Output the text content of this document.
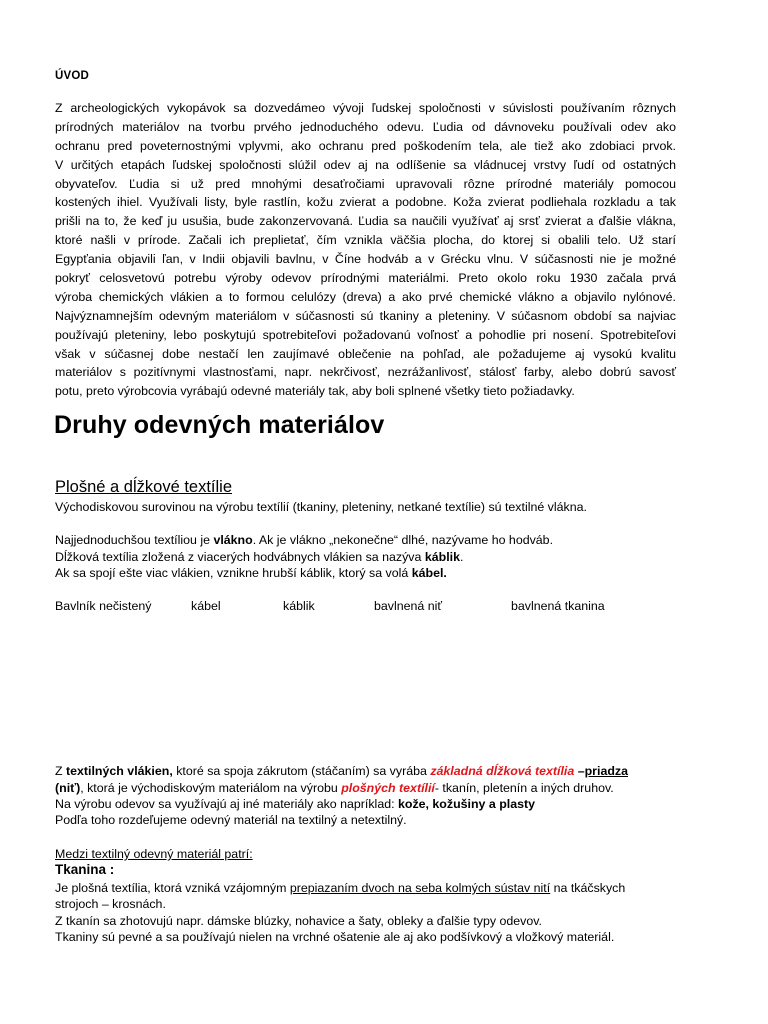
ÚVOD
Z archeologických vykopávok sa dozvedámeo vývoji ľudskej spoločnosti v súvislosti používaním rôznych
prírodných materiálov na tvorbu prvého jednoduchého odevu. Ľudia od dávnoveku používali odev ako
ochranu pred poveternostnými vplyvmi, ako ochranu pred poškodením tela, ale tiež ako zdobiaci prvok.
V určitých etapách ľudskej spoločnosti slúžil odev aj na odlíšenie sa vládnucej vrstvy ľudí od ostatných
obyvateľov. Ľudia si už pred mnohými desaťročiami upravovali rôzne prírodné materiály pomocou
kostených ihiel. Využívali listy, byle rastlín, kožu zvierat a podobne. Koža zvierat podliehala rozkladu a tak
prišli na to, že keď ju usušia, bude zakonzervovaná. Ľudia sa naučili využívať aj srsť zvierat a ďalšie vlákna,
ktoré našli v prírode. Začali ich preplietať, čím vznikla väčšia plocha, do ktorej si obalili telo. Už starí
Egypťania objavili ľan, v Indii objavili bavlnu, v Číne hodváb a v Grécku vlnu. V súčasnosti nie je možné
pokryť celosvetovú potrebu výroby odevov prírodnými materiálmi. Preto okolo roku 1930 začala prvá
výroba chemických vlákien a to formou celulózy (dreva) a ako prvé chemické vlákno a objavilo nylónové.
Najvýznamnejším odevným materiálom v súčasnosti sú tkaniny a pleteniny. V súčasnom období sa najviac
používajú pleteniny, lebo poskytujú spotrebiteľovi požadovanú voľnosť a pohodlie pri nosení. Spotrebiteľovi
však v súčasnej dobe nestačí len zaujímavé oblečenie na pohľad, ale požadujeme aj vysokú kvalitu
materiálov s pozitívnymi vlastnosťami, napr. nekrčivosť, nezrážanlivosť, stálosť farby, alebo dobrú savosť
potu, preto výrobcovia vyrábajú odevné materiály tak, aby boli splnené všetky tieto požiadavky.
Druhy odevných materiálov
Plošné a dĺžkové textílie
Východiskovou surovinou na výrobu textílií (tkaniny, pleteniny, netkané textílie) sú textilné vlákna.
Najjednoduchšou textíliou je vlákno. Ak je vlákno „nekonečne“ dlhé, nazývame ho hodváb.
Dĺžková textília zložená z viacerých hodvábnych vlákien sa nazýva káblik.
Ak sa spojí ešte viac vlákien, vznikne hrubší káblik, ktorý sa volá kábel.
Bavlník nečistený	kábel	káblik	bavlnená niť	bavlnená tkanina
Z textilných vlákien, ktoré sa spoja zákrutom (stáčaním) sa vyrába základná dĺžková textília –priadza
(niť), ktorá je východiskovým materiálom na výrobu plošných textílií- tkanín, pletenín a iných druhov.
Na výrobu odevov sa využívajú aj iné materiály ako napríklad: kože, kožušiny a plasty
Podľa toho rozdeľujeme odevný materiál na textilný a netextilný.
Medzi textilný odevný materiál patrí:
Tkanina :
Je plošná textília, ktorá vzniká vzájomným prepiazaním dvoch na seba kolmých sústav nití na tkáčskych
strojoch – krosnách.
Z tkanín sa zhotovujú napr. dámske blúzky, nohavice a šaty, obleky a ďalšie typy odevov.
Tkaniny sú pevné a sa používajú nielen na vrchné ošatenie ale aj ako podšívkový a vložkový materiál.
